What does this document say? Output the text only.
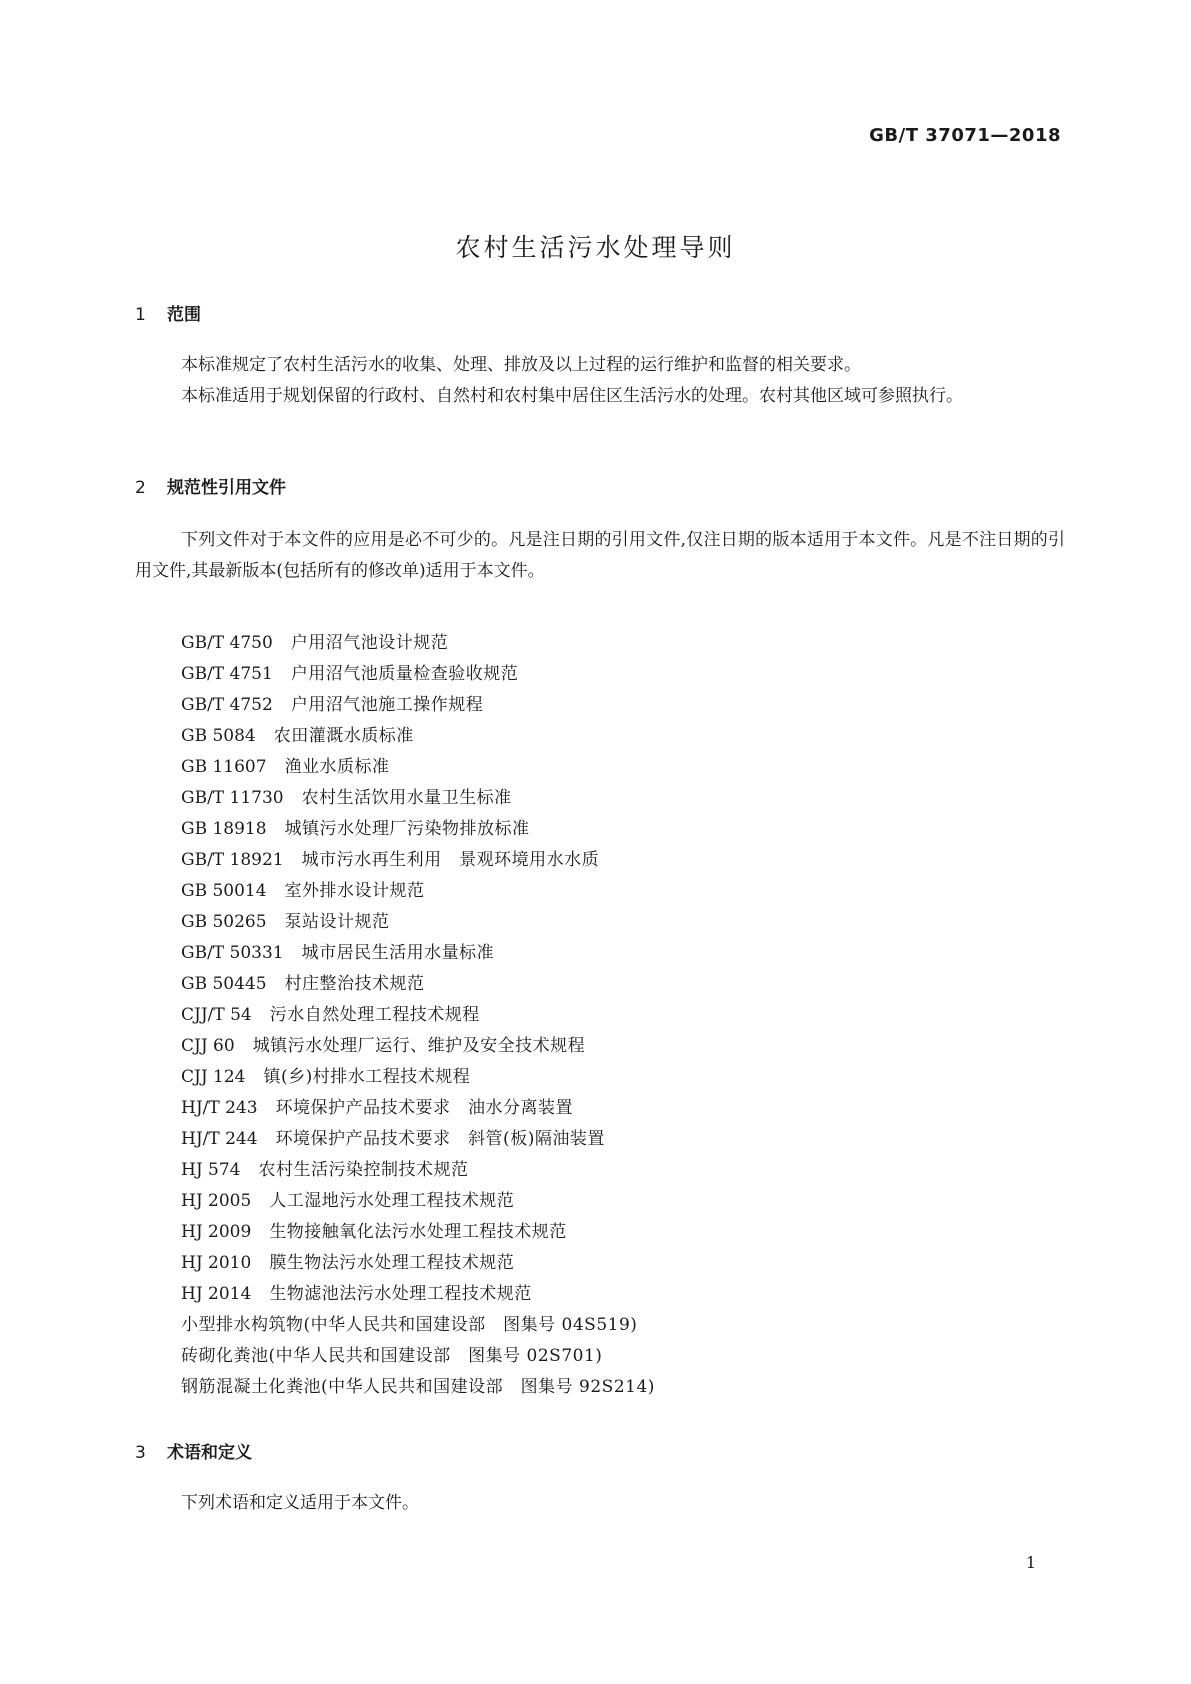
GB/T 37071—2018
农村生活污水处理导则
1 范围

本标准规定了农村生活污水的收集、处理、排放及以上过程的运行维护和监督的相关要求。

本标准适用于规划保留的行政村、自然村和农村集中居住区生活污水的处理。农村其他区域可参照执行。

2 规范性引用文件

下列文件对于本文件的应用是必不可少的。凡是注日期的引用文件,仅注日期的版本适用于本文件。凡是不注日期的引用文件,其最新版本(包括所有的修改单)适用于本文件。

GB/T 4750 户用沼气池设计规范
GB/T 4751 户用沼气池质量检查验收规范
GB/T 4752 户用沼气池施工操作规程
GB 5084 农田灌溉水质标准
GB 11607 渔业水质标准
GB/T 11730 农村生活饮用水量卫生标准
GB 18918 城镇污水处理厂污染物排放标准
GB/T 18921 城市污水再生利用　景观环境用水水质
GB 50014 室外排水设计规范
GB 50265 泵站设计规范
GB/T 50331 城市居民生活用水量标准
GB 50445 村庄整治技术规范
CJJ/T 54 污水自然处理工程技术规程
CJJ 60 城镇污水处理厂运行、维护及安全技术规程
CJJ 124 镇(乡)村排水工程技术规程
HJ/T 243 环境保护产品技术要求　油水分离装置
HJ/T 244 环境保护产品技术要求　斜管(板)隔油装置
HJ 574 农村生活污染控制技术规范
HJ 2005 人工湿地污水处理工程技术规范
HJ 2009 生物接触氧化法污水处理工程技术规范
HJ 2010 膜生物法污水处理工程技术规范
HJ 2014 生物滤池法污水处理工程技术规范
小型排水构筑物(中华人民共和国建设部　图集号 04S519)
砖砌化粪池(中华人民共和国建设部　图集号 02S701)
钢筋混凝土化粪池(中华人民共和国建设部　图集号 92S214)
3 术语和定义

下列术语和定义适用于本文件。

1
